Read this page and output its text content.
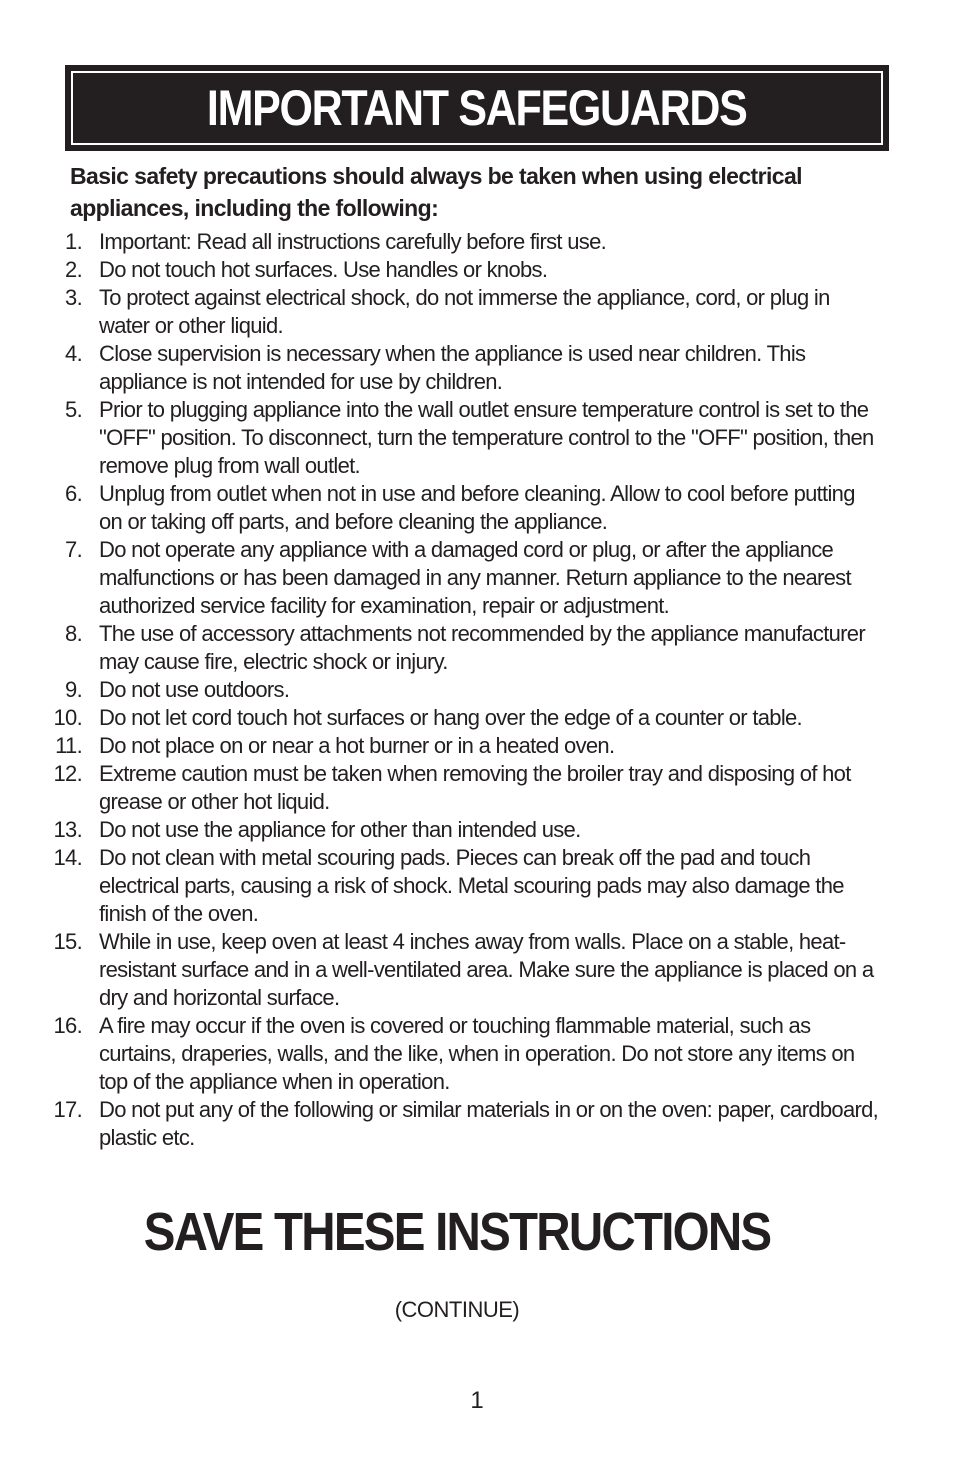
IMPORTANT SAFEGUARDS
Basic safety precautions should always be taken when using electrical appliances, including the following:
1. Important: Read all instructions carefully before first use.
2. Do not touch hot surfaces. Use handles or knobs.
3. To protect against electrical shock, do not immerse the appliance, cord, or plug in water or other liquid.
4. Close supervision is necessary when the appliance is used near children. This appliance is not intended for use by children.
5. Prior to plugging appliance into the wall outlet ensure temperature control is set to the "OFF" position. To disconnect, turn the temperature control to the "OFF" position, then remove plug from wall outlet.
6. Unplug from outlet when not in use and before cleaning. Allow to cool before putting on or taking off parts, and before cleaning the appliance.
7. Do not operate any appliance with a damaged cord or plug, or after the appliance malfunctions or has been damaged in any manner. Return appliance to the nearest authorized service facility for examination, repair or adjustment.
8. The use of accessory attachments not recommended by the appliance manufacturer may cause fire, electric shock or injury.
9. Do not use outdoors.
10. Do not let cord touch hot surfaces or hang over the edge of a counter or table.
11. Do not place on or near a hot burner or in a heated oven.
12. Extreme caution must be taken when removing the broiler tray and disposing of hot grease or other hot liquid.
13. Do not use the appliance for other than intended use.
14. Do not clean with metal scouring pads. Pieces can break off the pad and touch electrical parts, causing a risk of shock. Metal scouring pads may also damage the finish of the oven.
15. While in use, keep oven at least 4 inches away from walls. Place on a stable, heat-resistant surface and in a well-ventilated area. Make sure the appliance is placed on a dry and horizontal surface.
16. A fire may occur if the oven is covered or touching flammable material, such as curtains, draperies, walls, and the like, when in operation. Do not store any items on top of the appliance when in operation.
17. Do not put any of the following or similar materials in or on the oven: paper, cardboard, plastic etc.
SAVE THESE INSTRUCTIONS
(CONTINUE)
1
